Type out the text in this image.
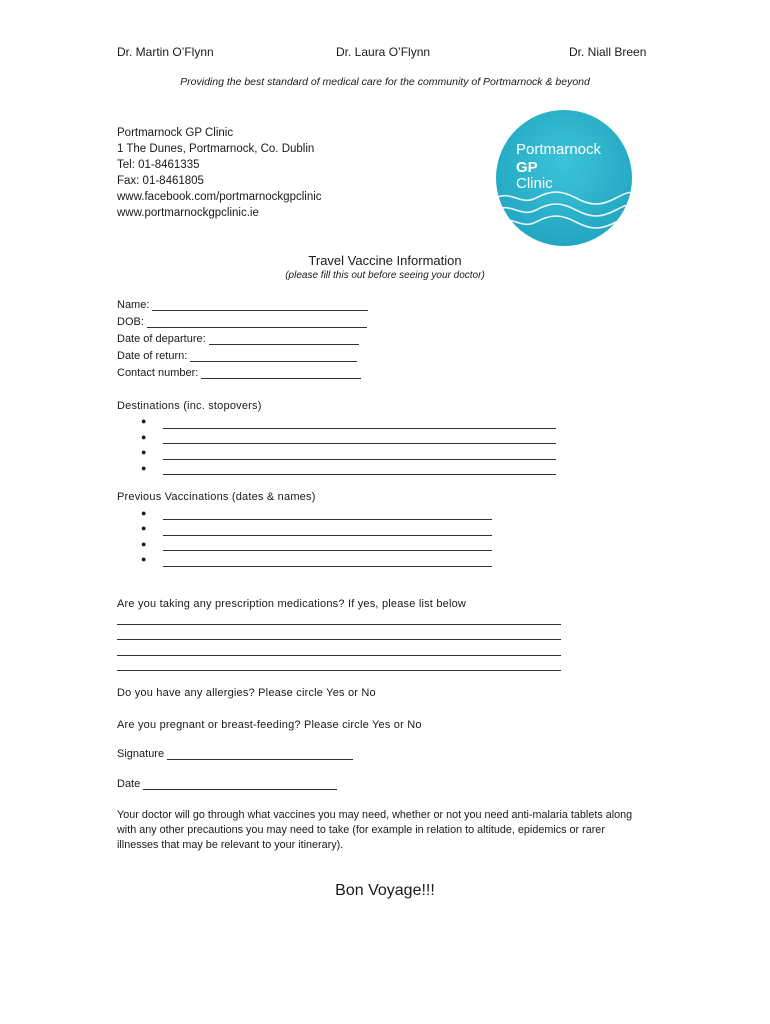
Dr. Martin O’Flynn	Dr. Laura O’Flynn	Dr. Niall Breen
Providing the best standard of medical care for the community of Portmarnock & beyond
Portmarnock GP Clinic
1 The Dunes, Portmarnock, Co. Dublin
Tel: 01-8461335
Fax: 01-8461805
www.facebook.com/portmarnockgpclinic
www.portmarnockgpclinic.ie
Portmarnock
GP
Clinic
Travel Vaccine Information
(please fill this out before seeing your doctor)
Name:
DOB:
Date of departure:
Date of return:
Contact number:
Destinations (inc. stopovers)
●
●
●
●
Previous Vaccinations (dates & names)
●
●
●
●
Are you taking any prescription medications? If yes, please list below
Do you have any allergies? Please circle Yes or No
Are you pregnant or breast-feeding? Please circle Yes or No
Signature
Date
Your doctor will go through what vaccines you may need, whether or not you need anti-malaria tablets along with any other precautions you may need to take (for example in relation to altitude, epidemics or rarer illnesses that may be relevant to your itinerary).
Bon Voyage!!!
